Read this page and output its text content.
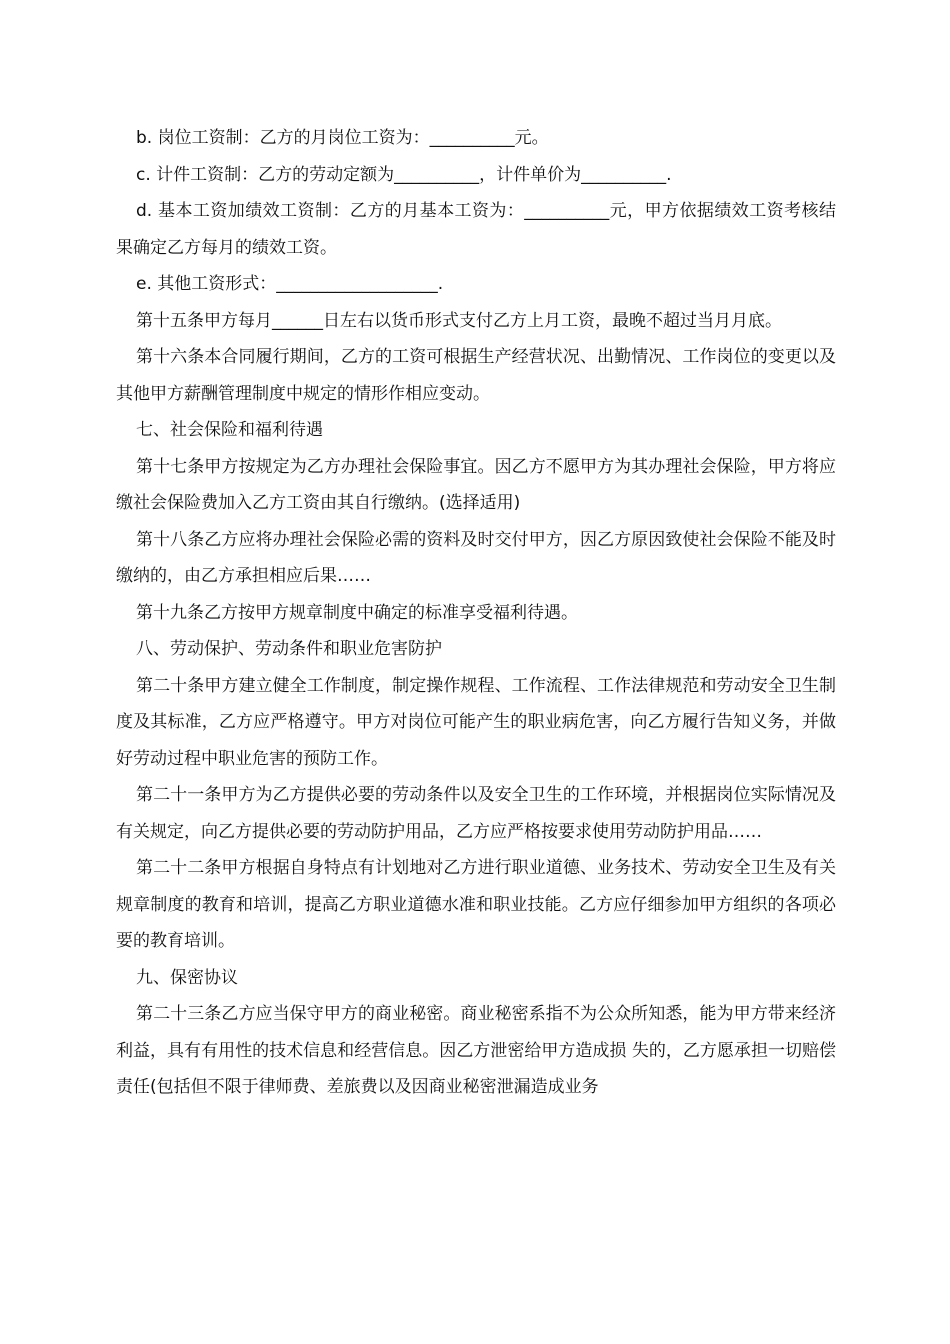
b. 岗位工资制：乙方的月岗位工资为：__________元。

c. 计件工资制：乙方的劳动定额为__________，计件单价为__________.

d. 基本工资加绩效工资制：乙方的月基本工资为：__________元，甲方依据绩效工资考核结果确定乙方每月的绩效工资。

e. 其他工资形式：___________________.

第十五条甲方每月______日左右以货币形式支付乙方上月工资，最晚不超过当月月底。

第十六条本合同履行期间，乙方的工资可根据生产经营状况、出勤情况、工作岗位的变更以及其他甲方薪酬管理制度中规定的情形作相应变动。

七、社会保险和福利待遇

第十七条甲方按规定为乙方办理社会保险事宜。因乙方不愿甲方为其办理社会保险，甲方将应缴社会保险费加入乙方工资由其自行缴纳。(选择适用)

第十八条乙方应将办理社会保险必需的资料及时交付甲方，因乙方原因致使社会保险不能及时缴纳的，由乙方承担相应后果……

第十九条乙方按甲方规章制度中确定的标准享受福利待遇。

八、劳动保护、劳动条件和职业危害防护

第二十条甲方建立健全工作制度，制定操作规程、工作流程、工作法律规范和劳动安全卫生制度及其标准，乙方应严格遵守。甲方对岗位可能产生的职业病危害，向乙方履行告知义务，并做好劳动过程中职业危害的预防工作。

第二十一条甲方为乙方提供必要的劳动条件以及安全卫生的工作环境，并根据岗位实际情况及有关规定，向乙方提供必要的劳动防护用品，乙方应严格按要求使用劳动防护用品……

第二十二条甲方根据自身特点有计划地对乙方进行职业道德、业务技术、劳动安全卫生及有关规章制度的教育和培训，提高乙方职业道德水准和职业技能。乙方应仔细参加甲方组织的各项必要的教育培训。

九、保密协议

第二十三条乙方应当保守甲方的商业秘密。商业秘密系指不为公众所知悉，能为甲方带来经济利益，具有有用性的技术信息和经营信息。因乙方泄密给甲方造成损 失的，乙方愿承担一切赔偿责任(包括但不限于律师费、差旅费以及因商业秘密泄漏造成业务
